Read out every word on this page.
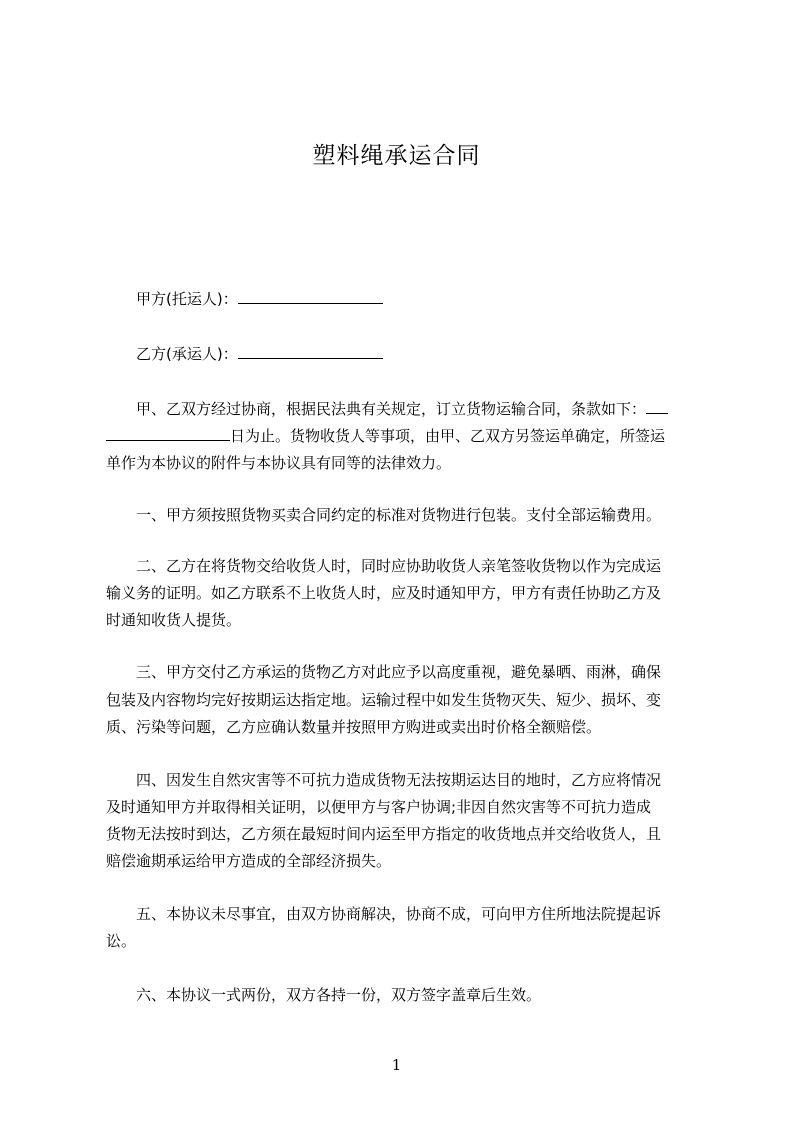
塑料绳承运合同
甲方(托运人)：
乙方(承运人)：
甲、乙双方经过协商，根据民法典有关规定，订立货物运输合同，条款如下：
日为止。货物收货人等事项，由甲、乙双方另签运单确定，所签运
单作为本协议的附件与本协议具有同等的法律效力。
一、甲方须按照货物买卖合同约定的标准对货物进行包装。支付全部运输费用。
二、乙方在将货物交给收货人时，同时应协助收货人亲笔签收货物以作为完成运
输义务的证明。如乙方联系不上收货人时，应及时通知甲方，甲方有责任协助乙方及
时通知收货人提货。
三、甲方交付乙方承运的货物乙方对此应予以高度重视，避免暴晒、雨淋，确保
包装及内容物均完好按期运达指定地。运输过程中如发生货物灭失、短少、损坏、变
质、污染等问题，乙方应确认数量并按照甲方购进或卖出时价格全额赔偿。
四、因发生自然灾害等不可抗力造成货物无法按期运达目的地时，乙方应将情况
及时通知甲方并取得相关证明，以便甲方与客户协调;非因自然灾害等不可抗力造成
货物无法按时到达，乙方须在最短时间内运至甲方指定的收货地点并交给收货人，且
赔偿逾期承运给甲方造成的全部经济损失。
五、本协议未尽事宜，由双方协商解决，协商不成，可向甲方住所地法院提起诉
讼。
六、本协议一式两份，双方各持一份，双方签字盖章后生效。
1
